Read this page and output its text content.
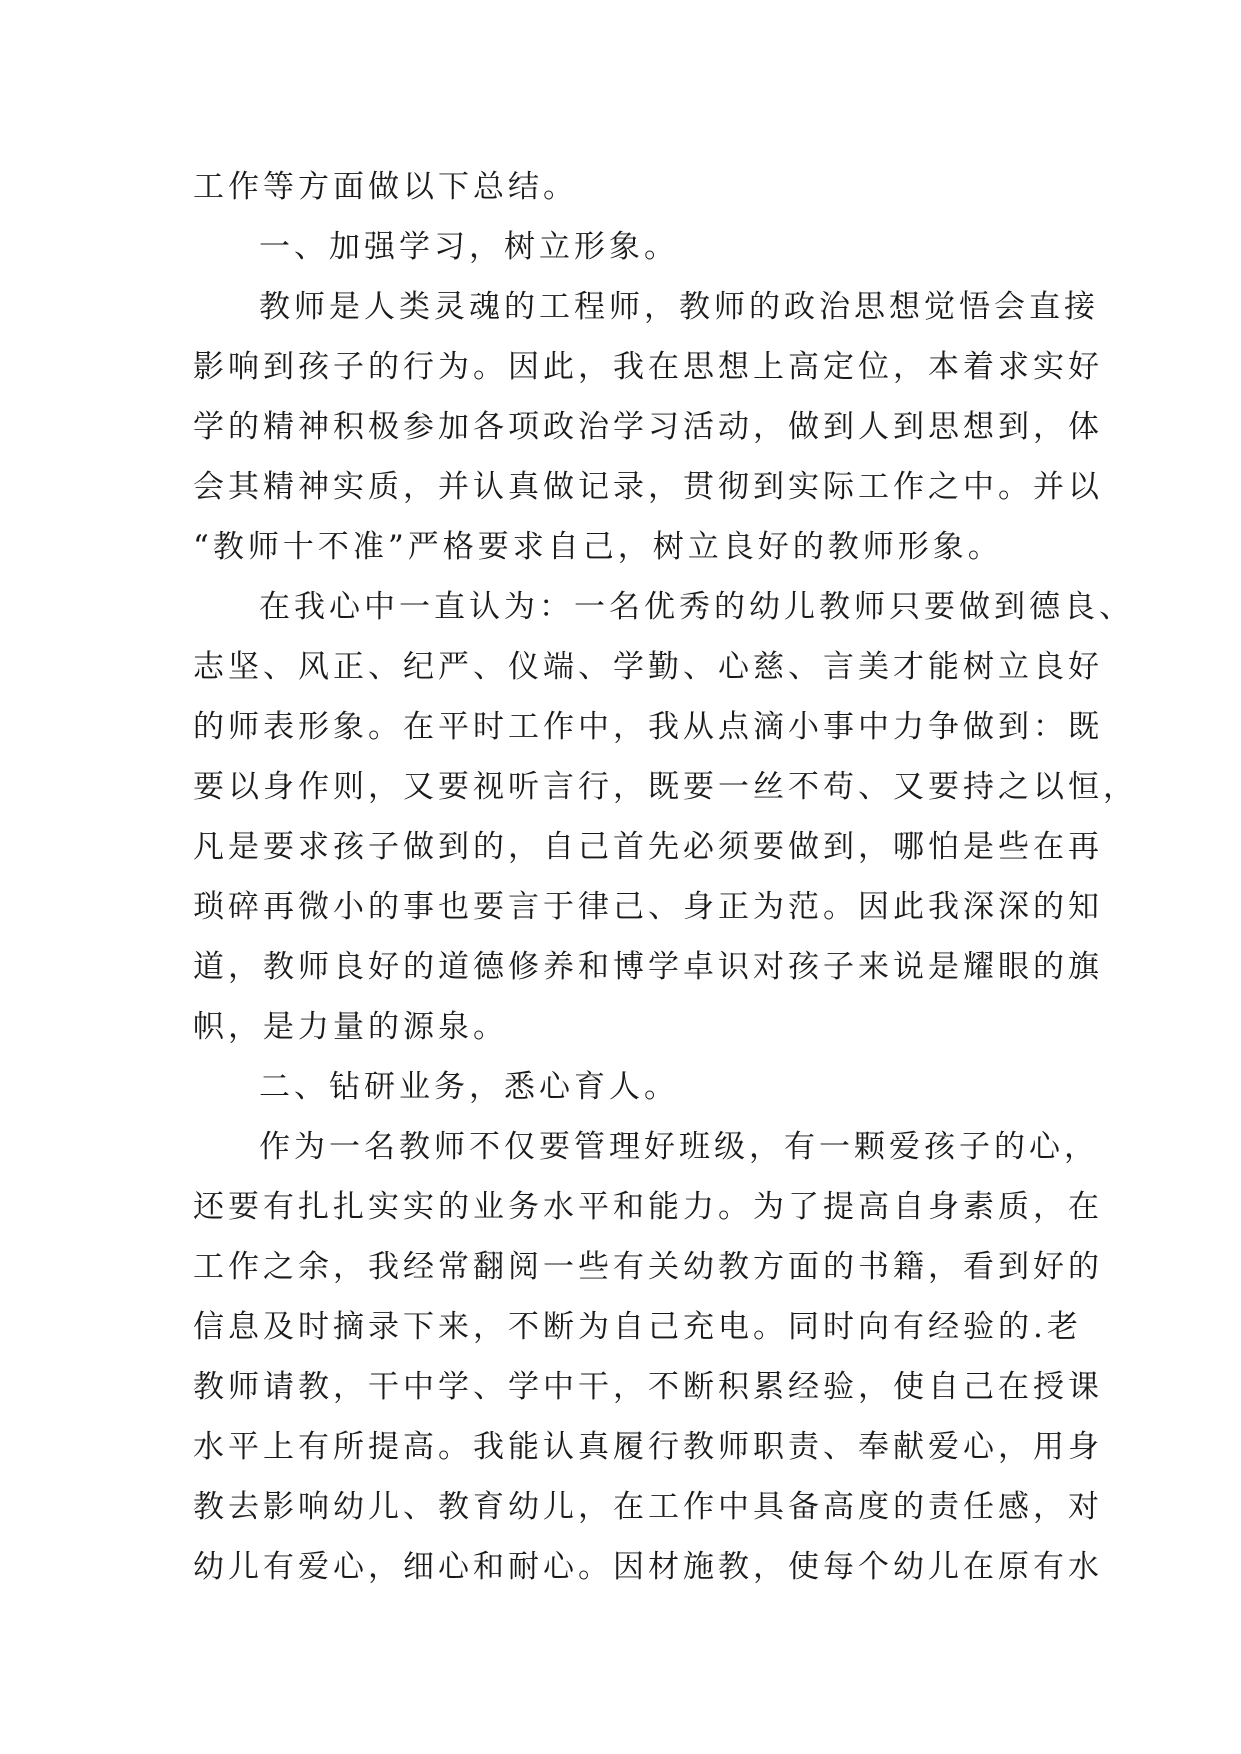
工作等方面做以下总结。
一、加强学习，树立形象。
教师是人类灵魂的工程师，教师的政治思想觉悟会直接
影响到孩子的行为。因此，我在思想上高定位，本着求实好
学的精神积极参加各项政治学习活动，做到人到思想到，体
会其精神实质，并认真做记录，贯彻到实际工作之中。并以
“教师十不准”严格要求自己，树立良好的教师形象。
在我心中一直认为：一名优秀的幼儿教师只要做到德良、
志坚、风正、纪严、仪端、学勤、心慈、言美才能树立良好
的师表形象。在平时工作中，我从点滴小事中力争做到：既
要以身作则，又要视听言行，既要一丝不苟、又要持之以恒，
凡是要求孩子做到的，自己首先必须要做到，哪怕是些在再
琐碎再微小的事也要言于律己、身正为范。因此我深深的知
道，教师良好的道德修养和博学卓识对孩子来说是耀眼的旗
帜，是力量的源泉。
二、钻研业务，悉心育人。
作为一名教师不仅要管理好班级，有一颗爱孩子的心，
还要有扎扎实实的业务水平和能力。为了提高自身素质，在
工作之余，我经常翻阅一些有关幼教方面的书籍，看到好的
信息及时摘录下来，不断为自己充电。同时向有经验的.老
教师请教，干中学、学中干，不断积累经验，使自己在授课
水平上有所提高。我能认真履行教师职责、奉献爱心，用身
教去影响幼儿、教育幼儿，在工作中具备高度的责任感，对
幼儿有爱心，细心和耐心。因材施教，使每个幼儿在原有水
